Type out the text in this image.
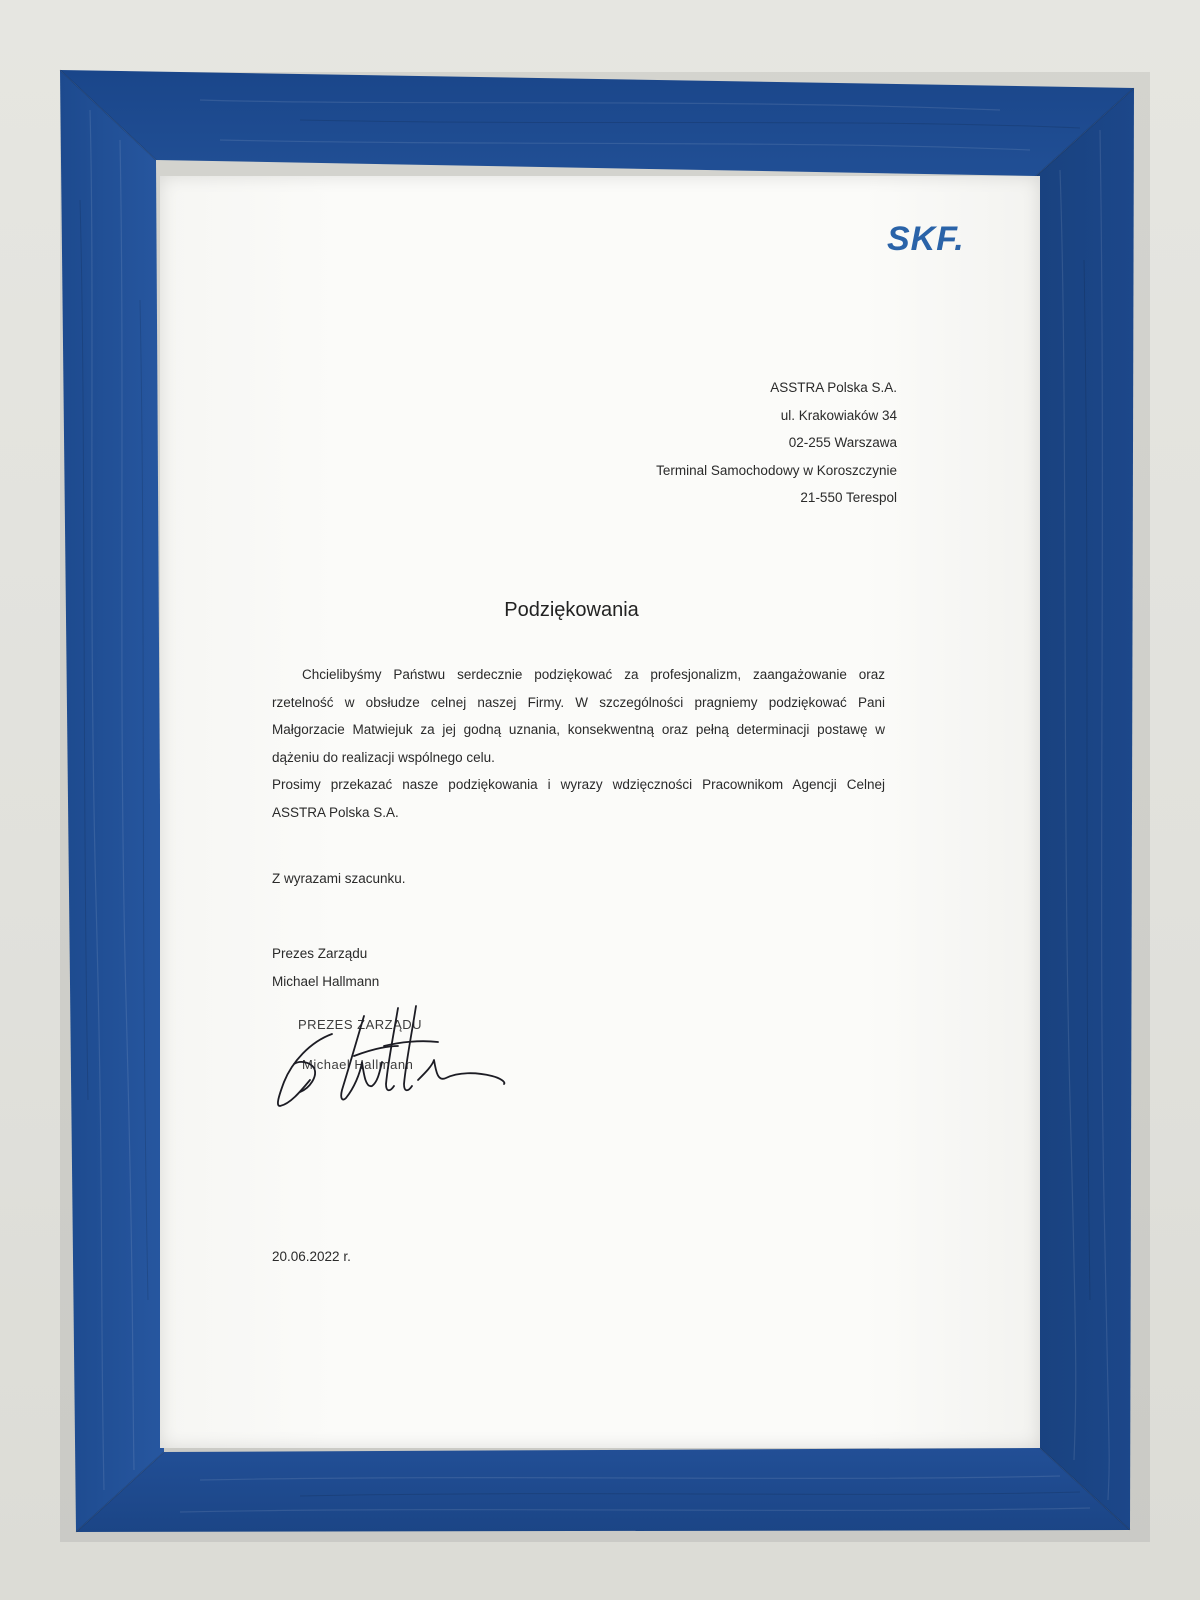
SKF.
ASSTRA Polska S.A.
ul. Krakowiaków 34
02-255 Warszawa
Terminal Samochodowy w Koroszczynie
21-550 Terespol
Podziękowania

Chcielibyśmy Państwu serdecznie podziękować za profesjonalizm, zaangażowanie oraz rzetelność w obsłudze celnej naszej Firmy. W szczególności pragniemy podziękować Pani Małgorzacie Matwiejuk za jej godną uznania, konsekwentną oraz pełną determinacji postawę w dążeniu do realizacji wspólnego celu.

Prosimy przekazać nasze podziękowania i wyrazy wdzięczności Pracownikom Agencji Celnej ASSTRA Polska S.A.

Z wyrazami szacunku.
Prezes Zarządu
Michael Hallmann
PREZES ZARZĄDU
Michael Hallmann
20.06.2022 r.
